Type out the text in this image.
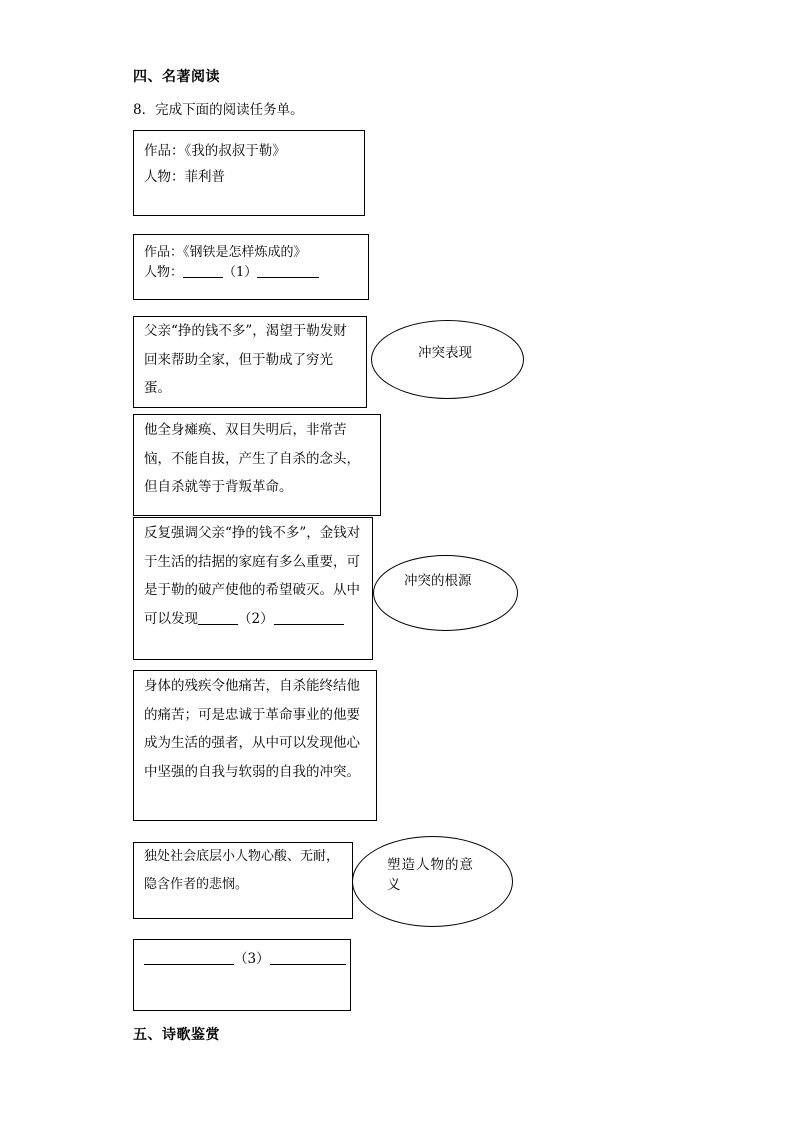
四、名著阅读
8．完成下面的阅读任务单。
作品：《我的叔叔于勒》
人物：菲利普
作品：《钢铁是怎样炼成的》
人物：	（1）
父亲“挣的钱不多”，渴望于勒发财回来帮助全家，但于勒成了穷光蛋。
他全身瘫痪、双目失明后，非常苦恼，不能自拔，产生了自杀的念头，但自杀就等于背叛革命。
反复强调父亲“挣的钱不多”，金钱对于生活的拮据的家庭有多么重要，可是于勒的破产使他的希望破灭。从中可以发现	（2）
身体的残疾令他痛苦，自杀能终结他的痛苦；可是忠诚于革命事业的他要成为生活的强者，从中可以发现他心中坚强的自我与软弱的自我的冲突。
独处社会底层小人物心酸、无耐，隐含作者的悲悯。
（3）
冲突表现
冲突的根源
塑造人物的意义
五、诗歌鉴赏
